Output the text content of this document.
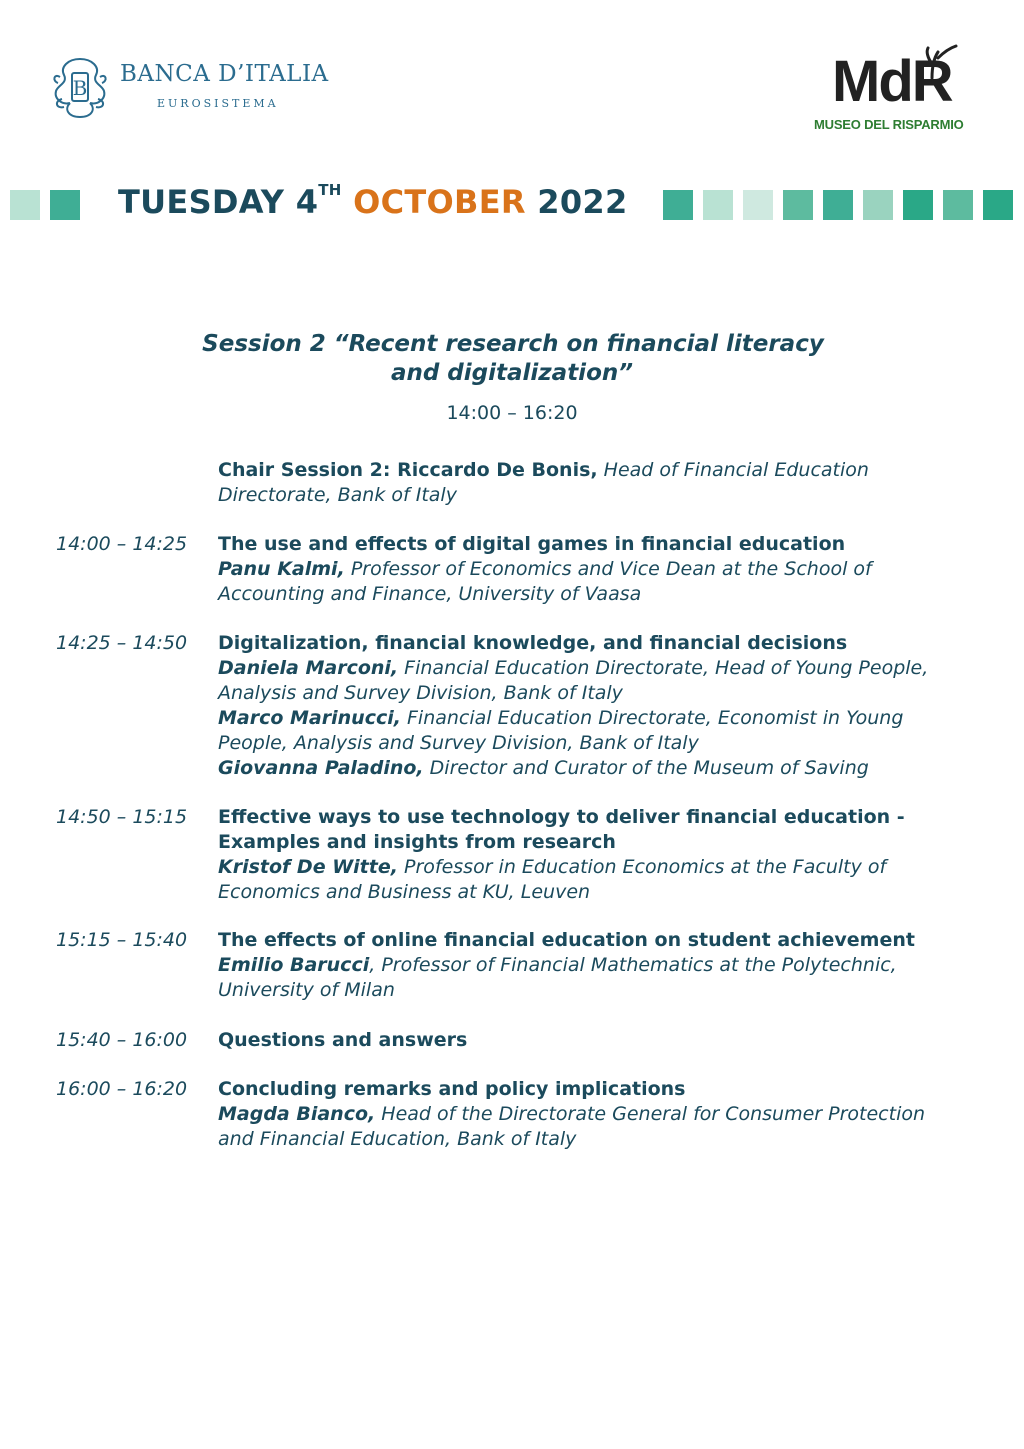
B
BANCA D’ITALIA
EUROSISTEMA	MdR
MUSEO DEL RISPARMIO
TUESDAY 4TH OCTOBER 2022
Session 2 “Recent research on financial literacy
and digitalization”
14:00 – 16:20
Chair Session 2: Riccardo De Bonis, Head of Financial Education Directorate, Bank of Italy
14:00 – 14:25 The use and effects of digital games in financial education
Panu Kalmi, Professor of Economics and Vice Dean at the School of Accounting and Finance, University of Vaasa
14:25 – 14:50 Digitalization, financial knowledge, and financial decisions
Daniela Marconi, Financial Education Directorate, Head of Young People, Analysis and Survey Division, Bank of Italy
Marco Marinucci, Financial Education Directorate, Economist in Young People, Analysis and Survey Division, Bank of Italy
Giovanna Paladino, Director and Curator of the Museum of Saving
14:50 – 15:15 Effective ways to use technology to deliver financial education - Examples and insights from research
Kristof De Witte, Professor in Education Economics at the Faculty of Economics and Business at KU, Leuven
15:15 – 15:40 The effects of online financial education on student achievement
Emilio Barucci, Professor of Financial Mathematics at the Polytechnic, University of Milan
15:40 – 16:00 Questions and answers
16:00 – 16:20 Concluding remarks and policy implications
Magda Bianco, Head of the Directorate General for Consumer Protection and Financial Education, Bank of Italy
